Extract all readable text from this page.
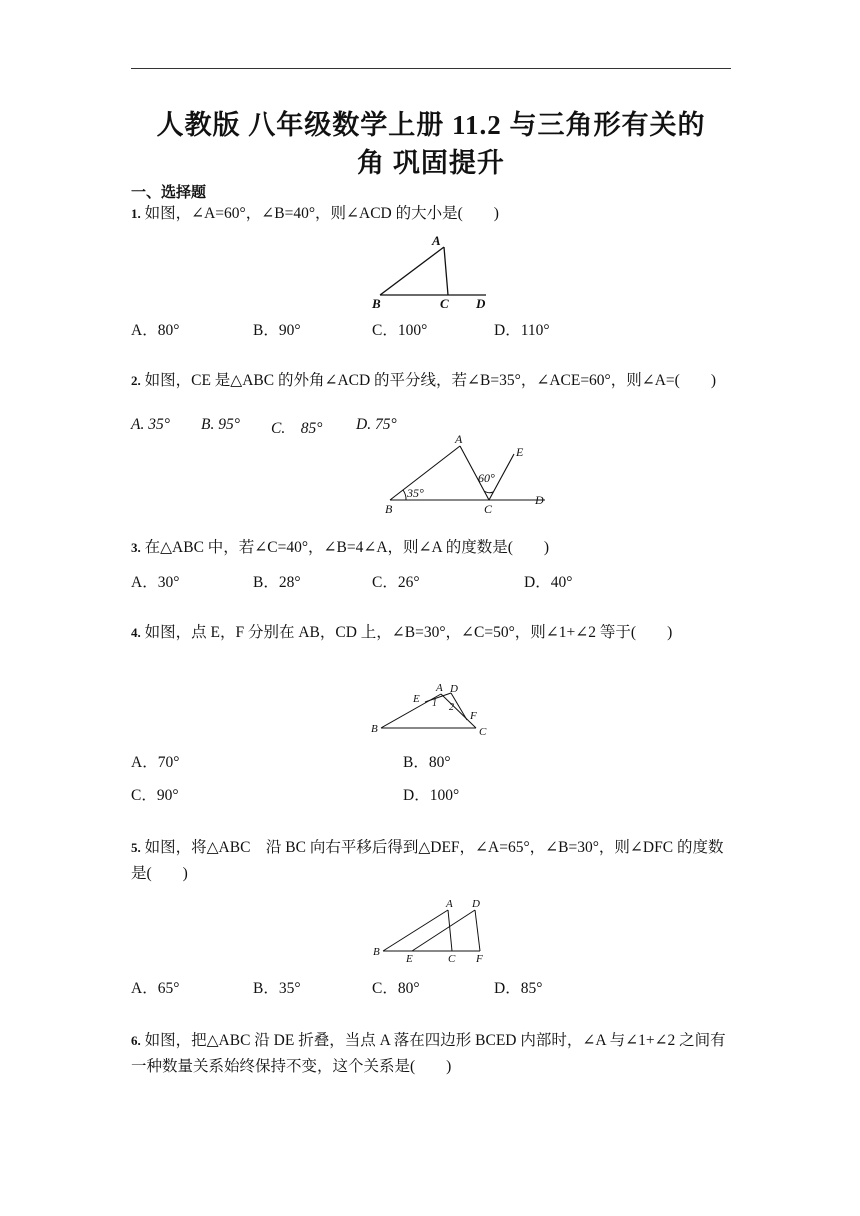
人教版 八年级数学上册 11.2 与三角形有关的
角 巩固提升
一、选择题
1. 如图，∠A=60°，∠B=40°，则∠ACD 的大小是(　　)
A
B	C D
A．80°	B．90°	C．100°	D．110°
2. 如图，CE 是△ABC 的外角∠ACD 的平分线，若∠B=35°，∠ACE=60°，则∠A=(　　)
A. 35° B. 95° C.　85° D. 75°
A
B	C
D
E
60°
35°
3. 在△ABC 中，若∠C=40°，∠B=4∠A，则∠A 的度数是(　　)
A．30°	B．28°	C．26°	D．40°
4. 如图，点 E，F 分别在 AB，CD 上，∠B=30°，∠C=50°，则∠1+∠2 等于(　　)
A D
E
F
B	C
1 2
A．70°	B．80°
C．90°	D．100°
5. 如图，将△ABC　沿 BC 向右平移后得到△DEF，∠A=65°，∠B=30°，则∠DFC 的度数是(　　)
A D
B
E	C F
A．65°	B．35°	C．80°	D．85°
6. 如图，把△ABC 沿 DE 折叠，当点 A 落在四边形 BCED 内部时，∠A 与∠1+∠2 之间有一种数量关系始终保持不变，这个关系是(　　)
